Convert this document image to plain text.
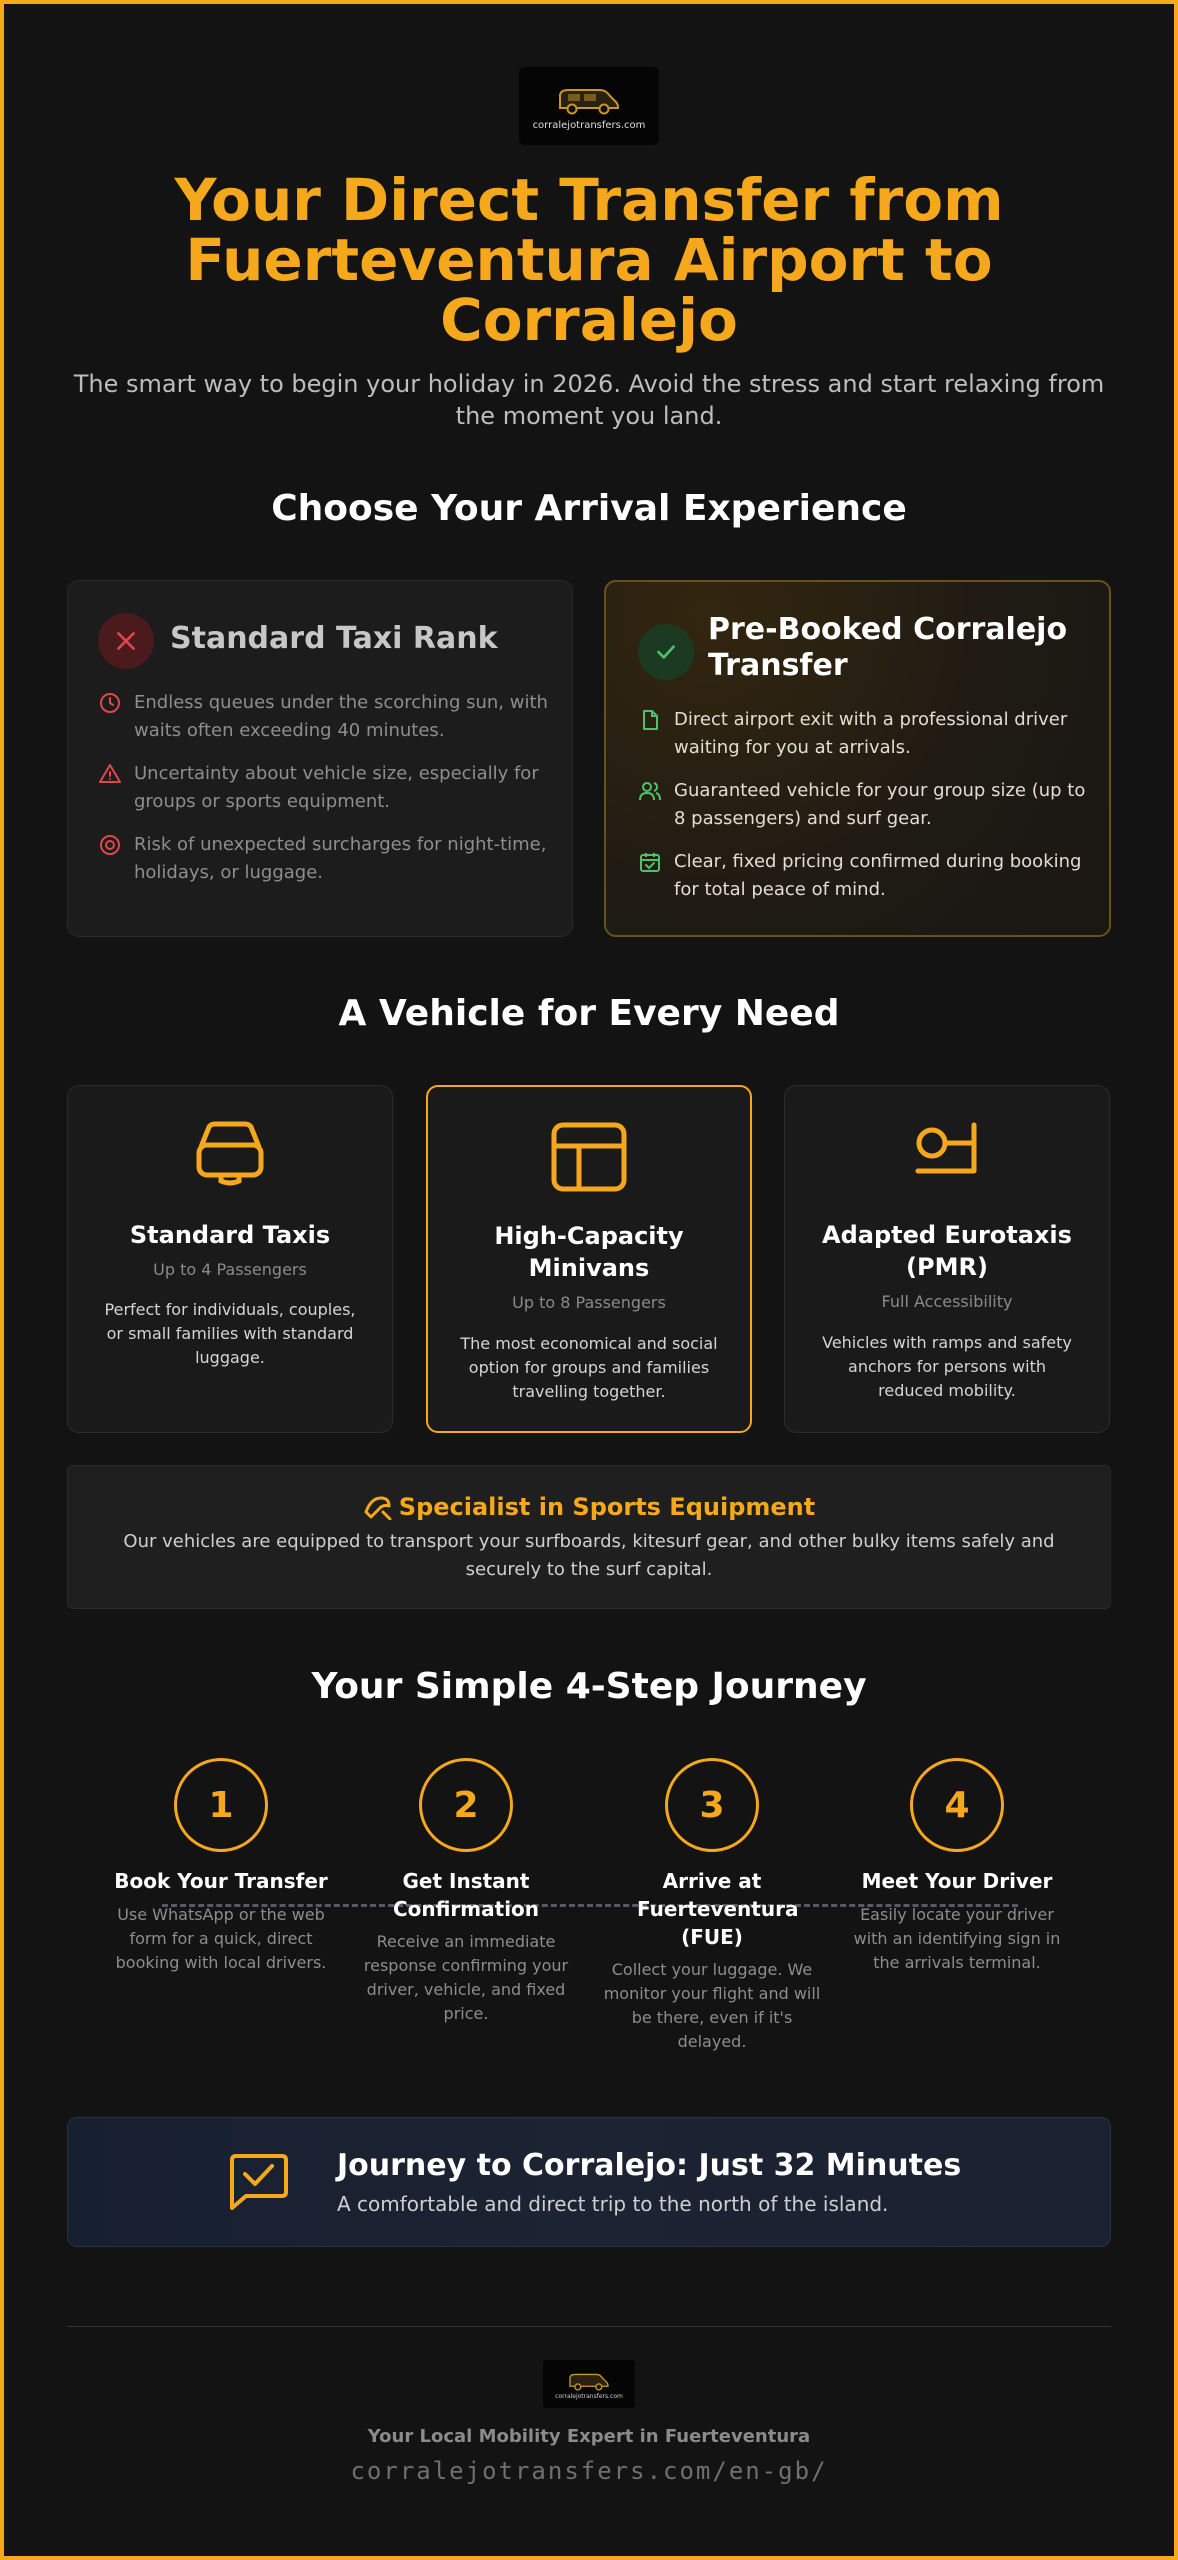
corralejotransfers.com
Your Direct Transfer from Fuerteventura Airport to Corralejo

The smart way to begin your holiday in 2026. Avoid the stress and start relaxing from the moment you land.

Choose Your Arrival Experience
Standard Taxi Rank
Endless queues under the scorching sun, with waits often exceeding 40 minutes.
Uncertainty about vehicle size, especially for groups or sports equipment.
Risk of unexpected surcharges for night-time, holidays, or luggage.
Pre-Booked Corralejo Transfer
Direct airport exit with a professional driver waiting for you at arrivals.
Guaranteed vehicle for your group size (up to 8 passengers) and surf gear.
Clear, fixed pricing confirmed during booking for total peace of mind.
A Vehicle for Every Need
Standard Taxis
Up to 4 Passengers
Perfect for individuals, couples, or small families with standard luggage.
High-Capacity Minivans
Up to 8 Passengers
The most economical and social option for groups and families travelling together.
Adapted Eurotaxis (PMR)
Full Accessibility
Vehicles with ramps and safety anchors for persons with reduced mobility.
Specialist in Sports Equipment
Our vehicles are equipped to transport your surfboards, kitesurf gear, and other bulky items safely and securely to the surf capital.
Your Simple 4-Step Journey
1	2	3	4
Book Your Transfer
Use WhatsApp or the web form for a quick, direct booking with local drivers.
Get Instant Confirmation
Receive an immediate response confirming your driver, vehicle, and fixed price.
Arrive at Fuerteventura (FUE)
Collect your luggage. We monitor your flight and will be there, even if it's delayed.
Meet Your Driver
Easily locate your driver with an identifying sign in the arrivals terminal.
Journey to Corralejo: Just 32 Minutes
A comfortable and direct trip to the north of the island.
corralejotransfers.com
Your Local Mobility Expert in Fuerteventura
corralejotransfers.com/en-gb/
